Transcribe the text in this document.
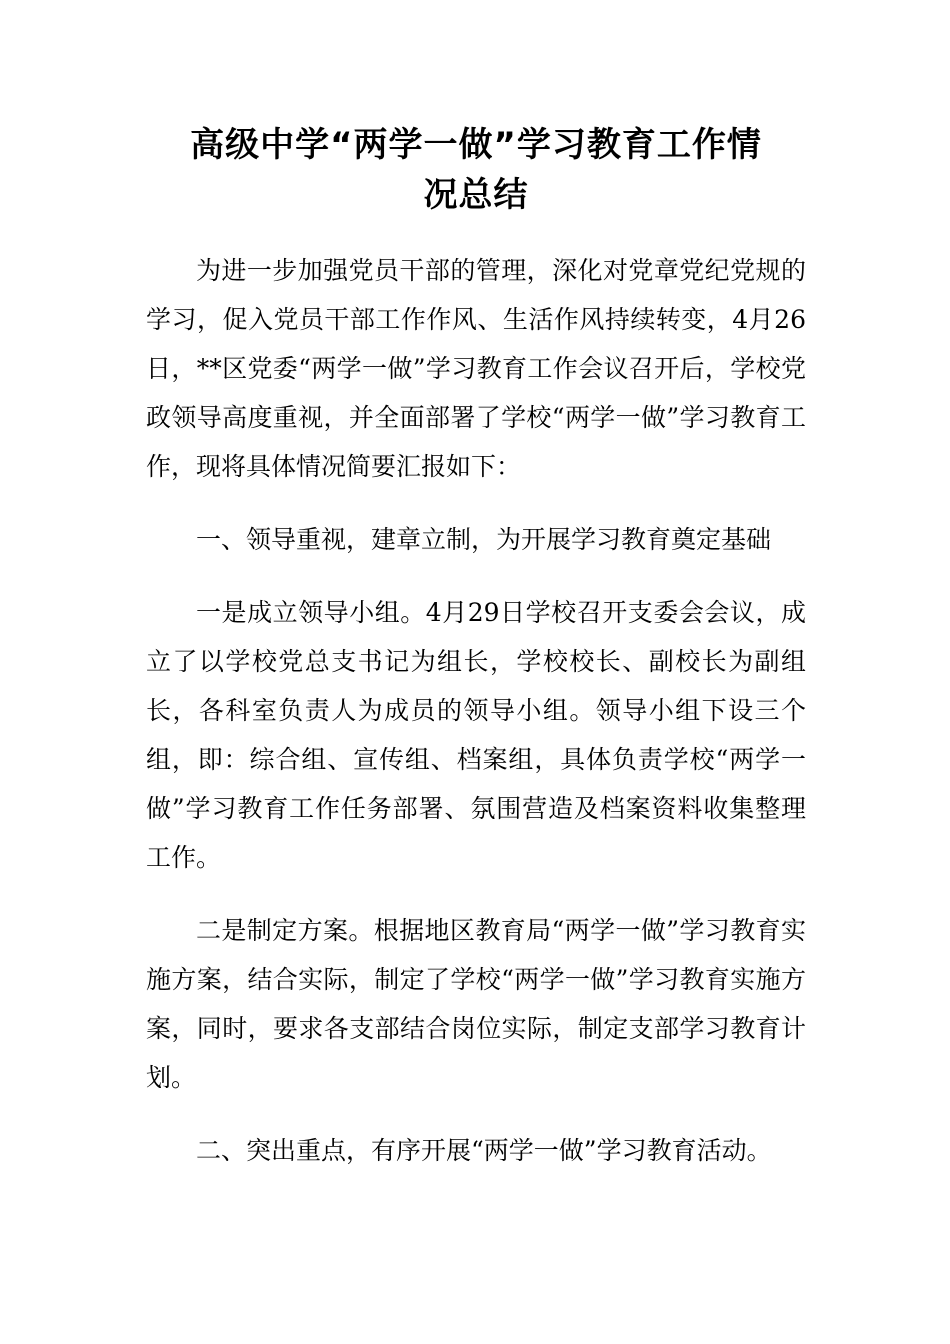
高级中学“两学一做”学习教育工作情
况总结

为进一步加强党员干部的管理，深化对党章党纪党规的学习，促入党员干部工作作风、生活作风持续转变，4月26日，**区党委“两学一做”学习教育工作会议召开后，学校党政领导高度重视，并全面部署了学校“两学一做”学习教育工作，现将具体情况简要汇报如下：

一、领导重视，建章立制，为开展学习教育奠定基础

一是成立领导小组。4月29日学校召开支委会会议，成立了以学校党总支书记为组长，学校校长、副校长为副组长，各科室负责人为成员的领导小组。领导小组下设三个组，即：综合组、宣传组、档案组，具体负责学校“两学一做”学习教育工作任务部署、氛围营造及档案资料收集整理工作。

二是制定方案。根据地区教育局“两学一做”学习教育实施方案，结合实际，制定了学校“两学一做”学习教育实施方案，同时，要求各支部结合岗位实际，制定支部学习教育计划。

二、突出重点，有序开展“两学一做”学习教育活动。
